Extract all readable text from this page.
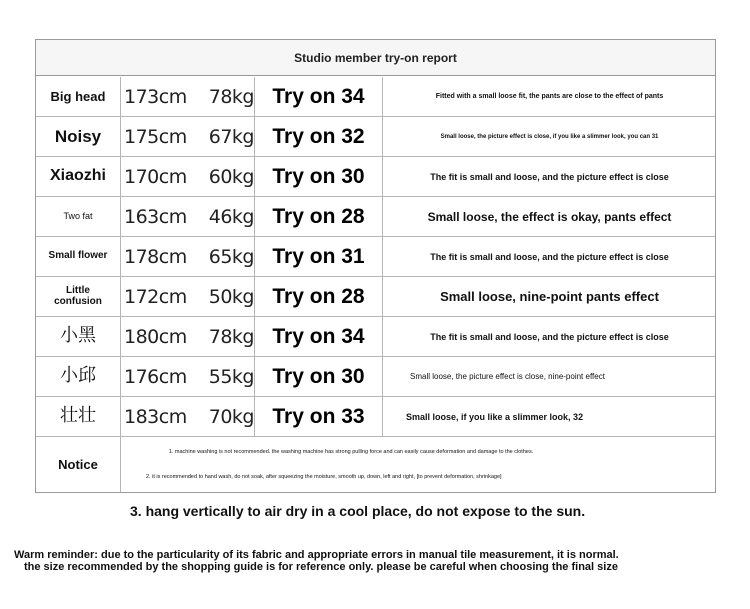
Studio member try-on report
Big head 173cm	78kg Try on 34	Fitted with a small loose fit, the pants are close to the effect of pants
Noisy	175cm	67kg Try on 32	Small loose, the picture effect is close, if you like a slimmer look, you can 31
Xiaozhi 170cm	60kg Try on 30	The fit is small and loose, and the picture effect is close
Two fat	163cm	46kg Try on 28	Small loose, the effect is okay, pants effect
Small flower 178cm	65kg Try on 31	The fit is small and loose, and the picture effect is close
Little confusion	172cm	50kg Try on 28	Small loose, nine-point pants effect
小黑	180cm	78kg Try on 34	The fit is small and loose, and the picture effect is close
小邱	176cm	55kg Try on 30	Small loose, the picture effect is close, nine-point effect
壮壮	183cm	70kg Try on 33	Small loose, if you like a slimmer look, 32
Notice
1. machine washing is not recommended. the washing machine has strong pulling force and can easily cause deformation and damage to the clothes.
2. it is recommended to hand wash, do not soak, after squeezing the moisture, smooth up, down, left and right, [to prevent deformation, shrinkage]
3. hang vertically to air dry in a cool place, do not expose to the sun.
Warm reminder: due to the particularity of its fabric and appropriate errors in manual tile measurement, it is normal.
the size recommended by the shopping guide is for reference only. please be careful when choosing the final size
